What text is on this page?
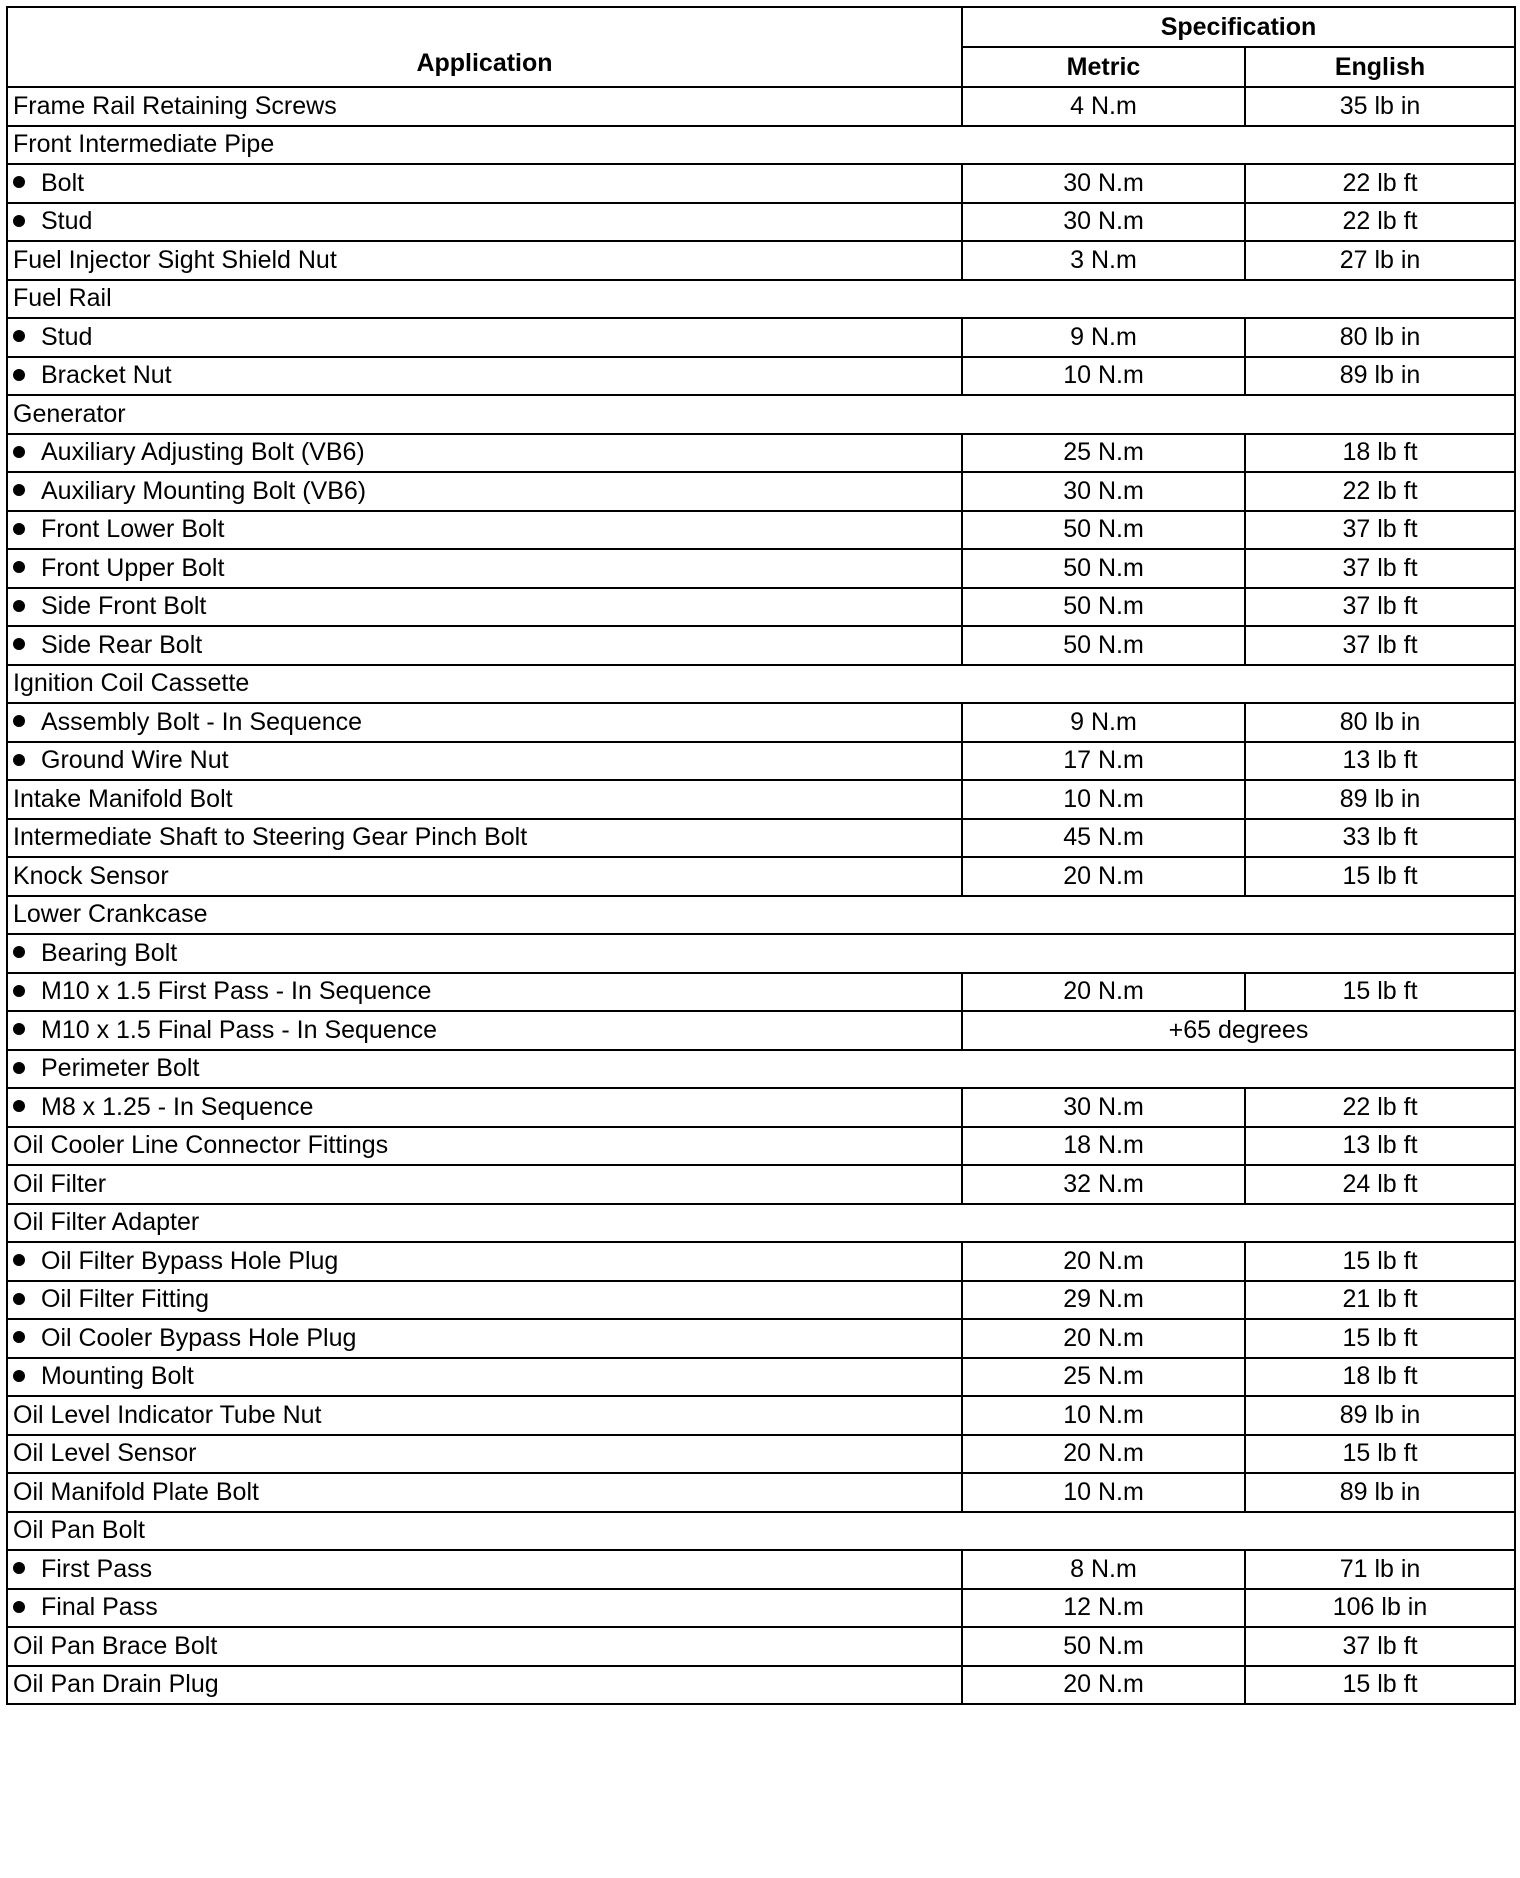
Application	Specification	
	Metric	English
Frame Rail Retaining Screws	4 N.m	35 lb in
Front Intermediate Pipe		
Bolt	30 N.m	22 lb ft
Stud	30 N.m	22 lb ft
Fuel Injector Sight Shield Nut	3 N.m	27 lb in
Fuel Rail		
Stud	9 N.m	80 lb in
Bracket Nut	10 N.m	89 lb in
Generator		
Auxiliary Adjusting Bolt (VB6)	25 N.m	18 lb ft
Auxiliary Mounting Bolt (VB6)	30 N.m	22 lb ft
Front Lower Bolt	50 N.m	37 lb ft
Front Upper Bolt	50 N.m	37 lb ft
Side Front Bolt	50 N.m	37 lb ft
Side Rear Bolt	50 N.m	37 lb ft
Ignition Coil Cassette		
Assembly Bolt - In Sequence	9 N.m	80 lb in
Ground Wire Nut	17 N.m	13 lb ft
Intake Manifold Bolt	10 N.m	89 lb in
Intermediate Shaft to Steering Gear Pinch Bolt	45 N.m	33 lb ft
Knock Sensor	20 N.m	15 lb ft
Lower Crankcase		
Bearing Bolt		
M10 x 1.5 First Pass - In Sequence	20 N.m	15 lb ft
M10 x 1.5 Final Pass - In Sequence	+65 degrees	
Perimeter Bolt		
M8 x 1.25 - In Sequence	30 N.m	22 lb ft
Oil Cooler Line Connector Fittings	18 N.m	13 lb ft
Oil Filter	32 N.m	24 lb ft
Oil Filter Adapter		
Oil Filter Bypass Hole Plug	20 N.m	15 lb ft
Oil Filter Fitting	29 N.m	21 lb ft
Oil Cooler Bypass Hole Plug	20 N.m	15 lb ft
Mounting Bolt	25 N.m	18 lb ft
Oil Level Indicator Tube Nut	10 N.m	89 lb in
Oil Level Sensor	20 N.m	15 lb ft
Oil Manifold Plate Bolt	10 N.m	89 lb in
Oil Pan Bolt		
First Pass	8 N.m	71 lb in
Final Pass	12 N.m	106 lb in
Oil Pan Brace Bolt	50 N.m	37 lb ft
Oil Pan Drain Plug	20 N.m	15 lb ft
